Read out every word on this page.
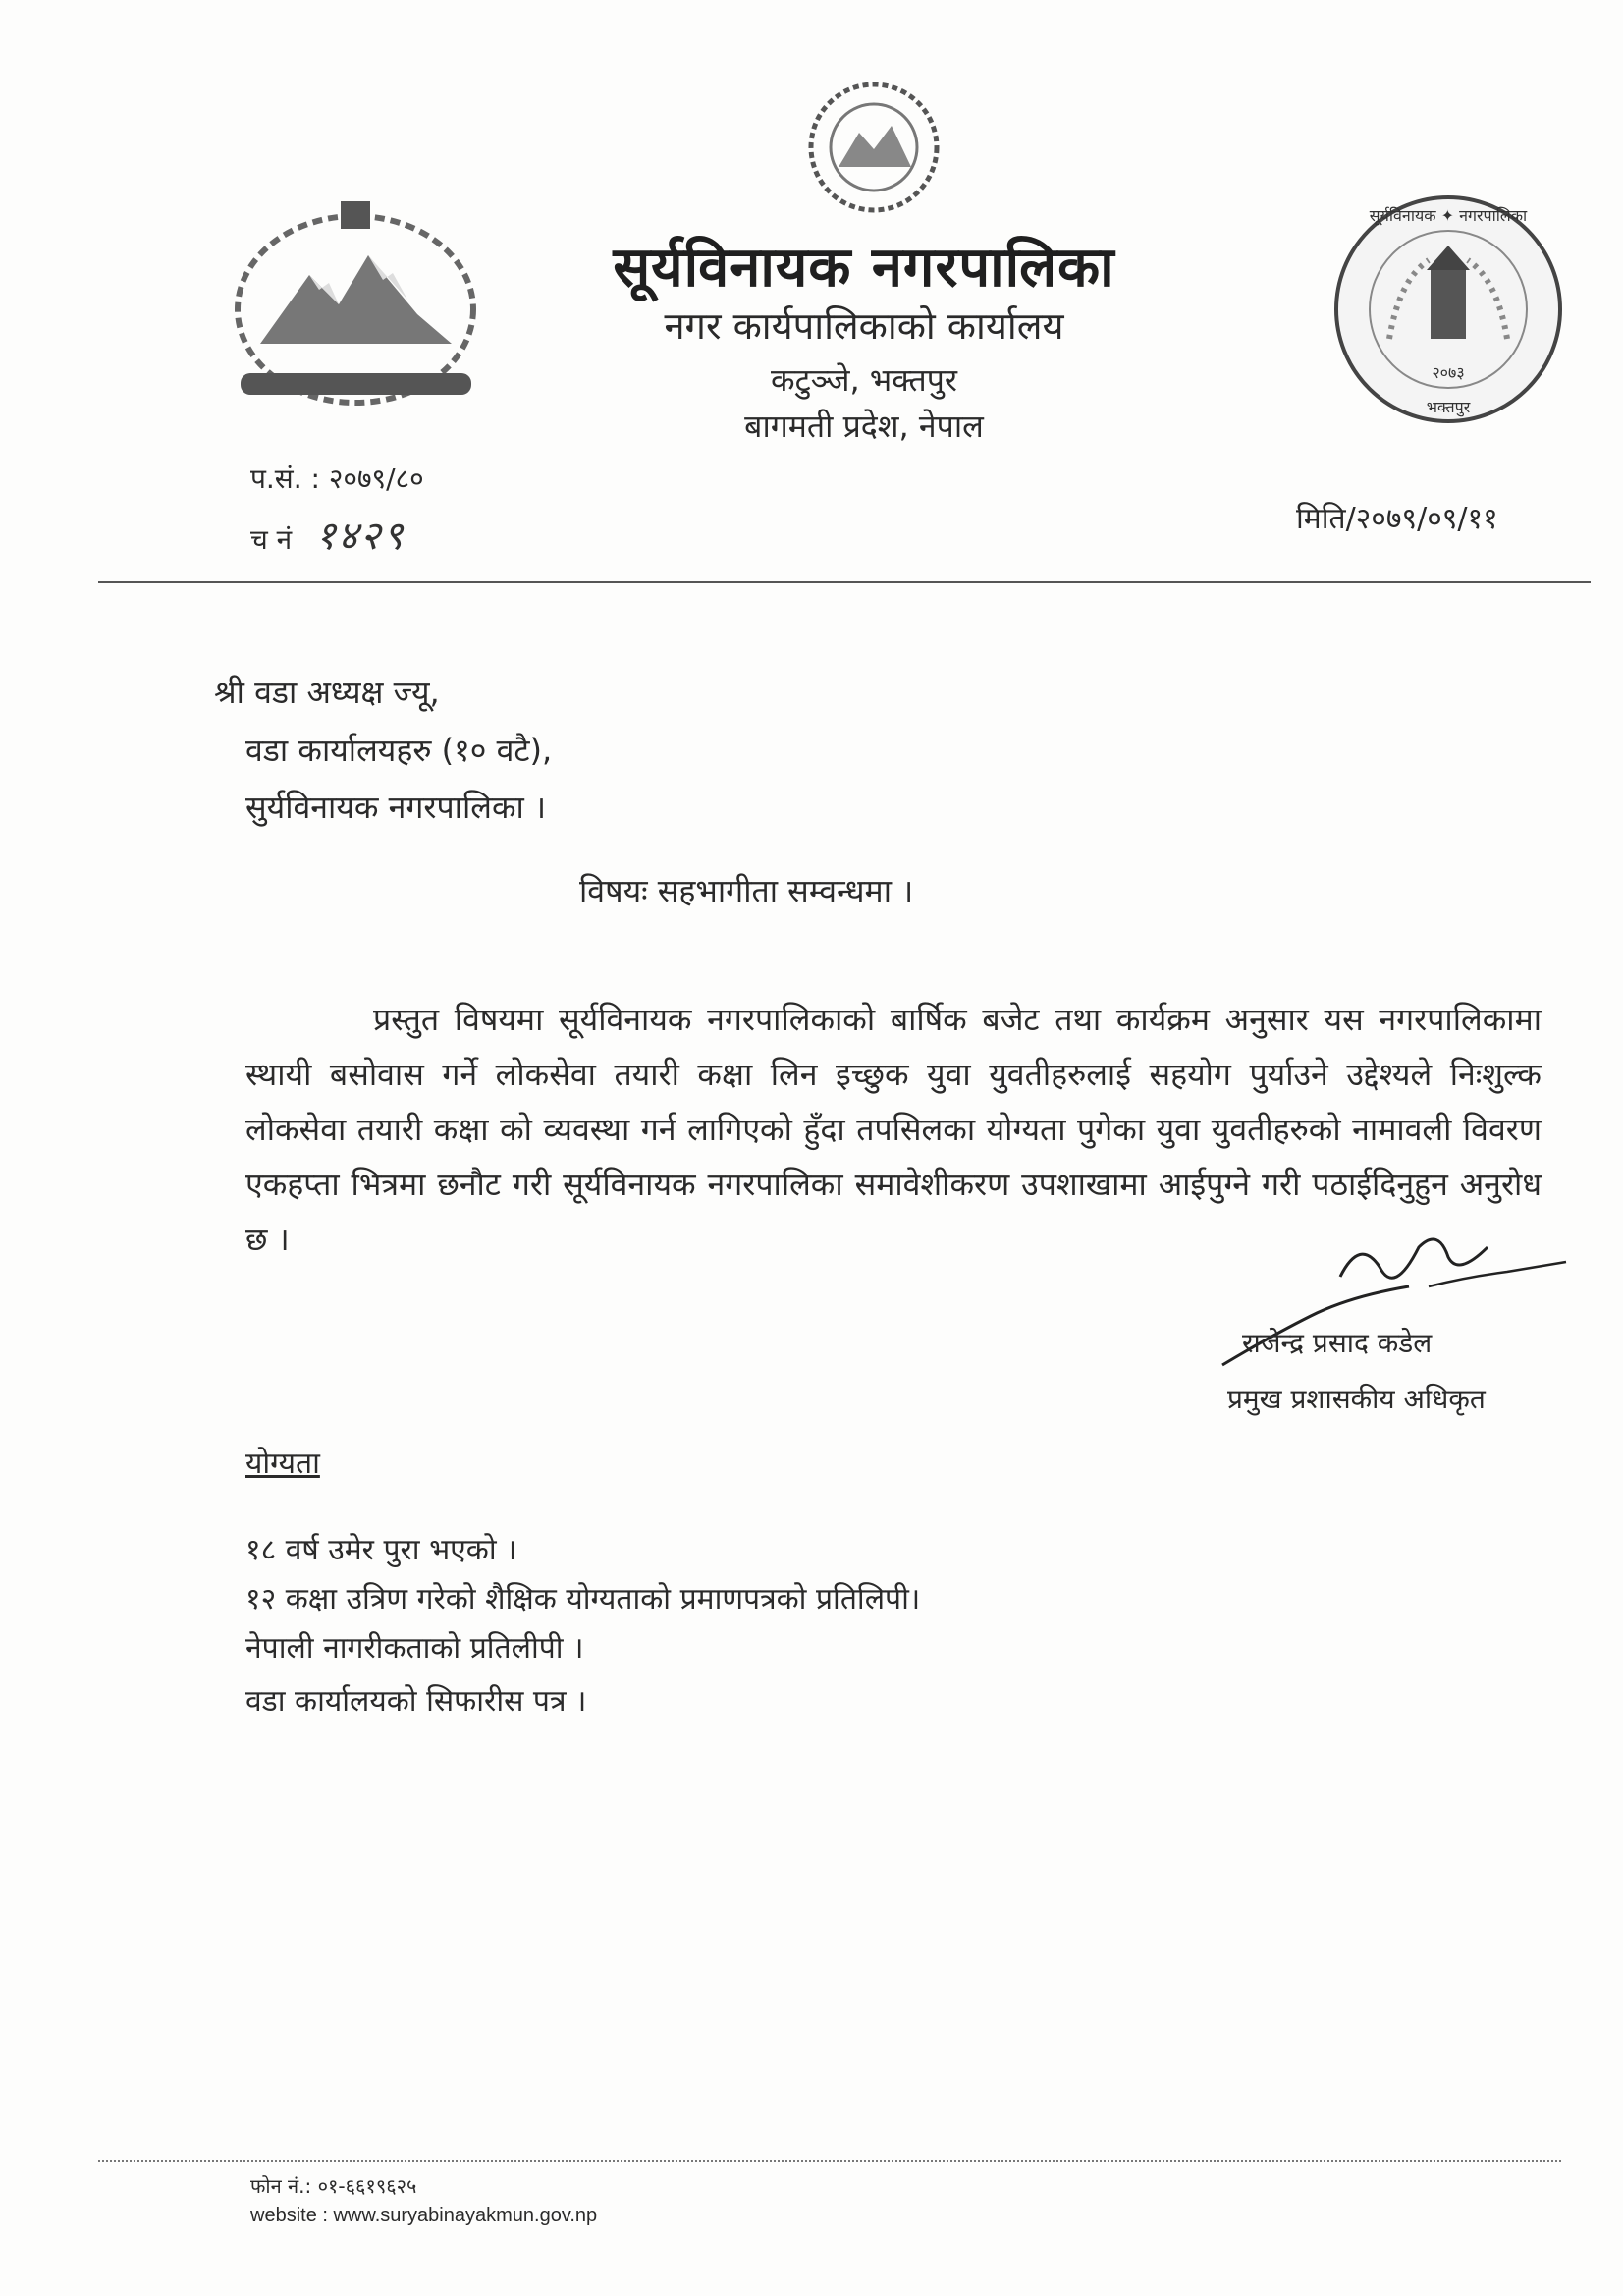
२०७३
सूर्यविनायक ✦ नगरपालिका
भक्तपुर
सूर्यविनायक नगरपालिका
नगर कार्यपालिकाको कार्यालय
कटुञ्जे, भक्तपुर
बागमती प्रदेश, नेपाल
प.सं. : २०७९/८०
च नं १४२९	मिति/२०७९/०९/११
श्री वडा अध्यक्ष ज्यू,
वडा कार्यालयहरु (१० वटै),
सुर्यविनायक नगरपालिका ।
विषयः सहभागीता सम्वन्धमा ।
प्रस्तुत विषयमा सूर्यविनायक नगरपालिकाको बार्षिक बजेट तथा कार्यक्रम अनुसार यस नगरपालिकामा स्थायी बसोवास गर्ने लोकसेवा तयारी कक्षा लिन इच्छुक युवा युवतीहरुलाई सहयोग पुर्याउने उद्देश्यले निःशुल्क लोकसेवा तयारी कक्षा को व्यवस्था गर्न लागिएको हुँदा तपसिलका योग्यता पुगेका युवा युवतीहरुको नामावली विवरण एकहप्ता भित्रमा छनौट गरी सूर्यविनायक नगरपालिका समावेशीकरण उपशाखामा आईपुग्ने गरी पठाईदिनुहुन अनुरोध छ ।
राजेन्द्र प्रसाद कडेल
प्रमुख प्रशासकीय अधिकृत
योग्यता
१८ वर्ष उमेर पुरा भएको ।
१२ कक्षा उत्रिण गरेको शैक्षिक योग्यताको प्रमाणपत्रको प्रतिलिपी।
नेपाली नागरीकताको प्रतिलीपी ।
वडा कार्यालयको सिफारीस पत्र ।
फोन नं.: ०१-६६१९६२५
website : www.suryabinayakmun.gov.np
